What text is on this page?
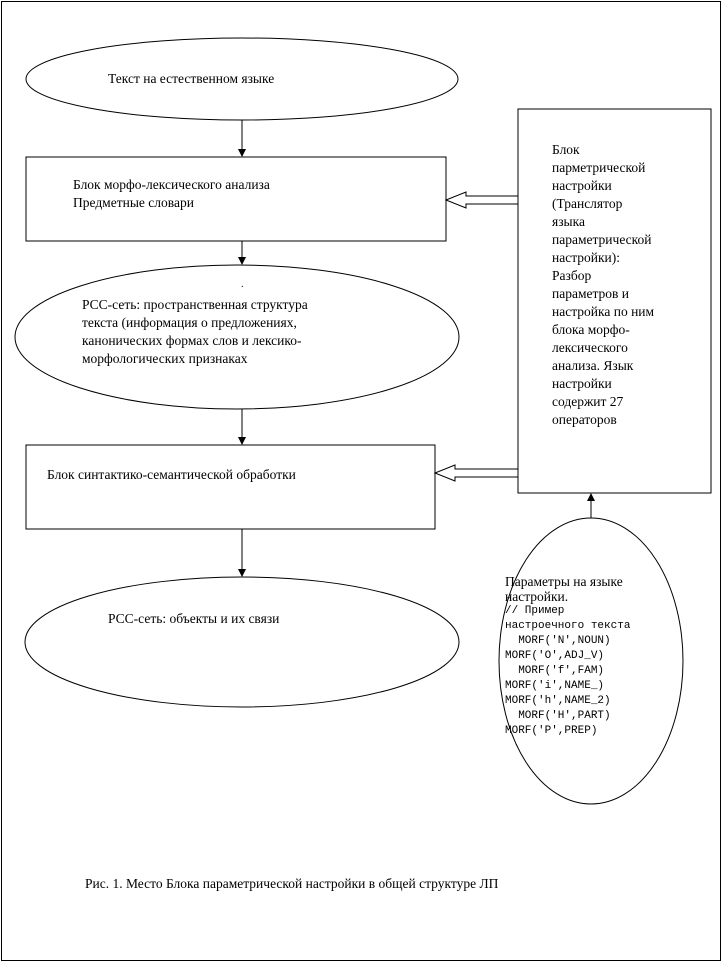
.
Текст на естественном языке
Блок морфо-лексического анализа
Предметные словари
РСС-сеть: пространственная структура
текста (информация о предложениях,
канонических формах слов и лексико-
морфологических признаках
Блок синтактико-семантической обработки
РСС-сеть: объекты и их связи
Блок
парметрической
настройки
(Транслятор
языка
параметрической
настройки):
Разбор
параметров и
настройка по ним
блока морфо-
лексического
анализа. Язык
настройки
содержит 27
операторов
Параметры на языке
настройки.
// Пример
настроечного текста
MORF('N',NOUN)
MORF('O',ADJ_V)
MORF('f',FAM)
MORF('i',NAME_)
MORF('h',NAME_2)
MORF('H',PART)
MORF('P',PREP)
Рис. 1. Место Блока параметрической настройки в общей структуре ЛП
